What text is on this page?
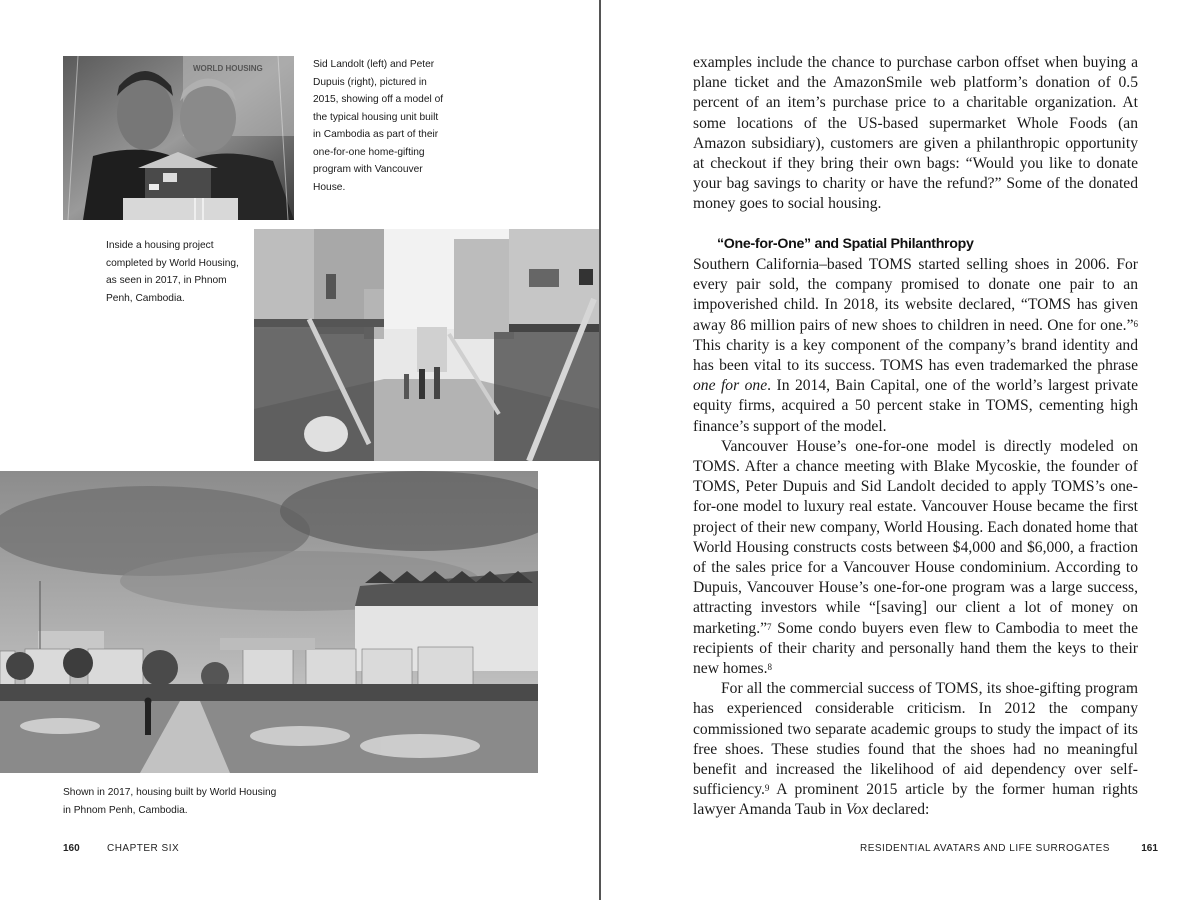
WORLD HOUSING	Sid Landolt (left) and Peter Dupuis (right), pictured in 2015, showing off a model of the typical housing unit built in Cambodia as part of their one-for-one home-gifting program with Vancouver House.
Inside a housing project completed by World Housing, as seen in 2017, in Phnom Penh, Cambodia.
Shown in 2017, housing built by World Housing in Phnom Penh, Cambodia.
160	CHAPTER SIX

examples include the chance to purchase carbon offset when buying a plane ticket and the AmazonSmile web platform’s donation of 0.5 percent of an item’s purchase price to a charitable organization. At some locations of the US-based supermarket Whole Foods (an Amazon subsidiary), customers are given a philanthropic opportunity at checkout if they bring their own bags: “Would you like to donate your bag savings to charity or have the refund?” Some of the donated money goes to social housing.

“One-for-One” and Spatial Philanthropy

Southern California–based TOMS started selling shoes in 2006. For every pair sold, the company promised to donate one pair to an impoverished child. In 2018, its website declared, “TOMS has given away 86 million pairs of new shoes to children in need. One for one.”$^6$ This charity is a key component of the company’s brand identity and has been vital to its success. TOMS has even trademarked the phrase one for one. In 2014, Bain Capital, one of the world’s largest private equity firms, acquired a 50 percent stake in TOMS, cementing high finance’s support of the model.

Vancouver House’s one-for-one model is directly modeled on TOMS. After a chance meeting with Blake Mycoskie, the founder of TOMS, Peter Dupuis and Sid Landolt decided to apply TOMS’s one-for-one model to luxury real estate. Vancouver House became the first project of their new company, World Housing. Each donated home that World Housing constructs costs between $4,000 and $6,000, a fraction of the sales price for a Vancouver House condominium. According to Dupuis, Vancouver House’s one-for-one program was a large success, attracting investors while “[saving] our client a lot of money on marketing.”$^7$ Some condo buyers even flew to Cambodia to meet the recipients of their charity and personally hand them the keys to their new homes.$^8$

For all the commercial success of TOMS, its shoe-gifting program has experienced considerable criticism. In 2012 the company commissioned two separate academic groups to study the impact of its free shoes. These studies found that the shoes had no meaningful benefit and increased the likelihood of aid dependency over self-sufficiency.$^9$ A prominent 2015 article by the former human rights lawyer Amanda Taub in Vox declared:

RESIDENTIAL AVATARS AND LIFE SURROGATES	161
